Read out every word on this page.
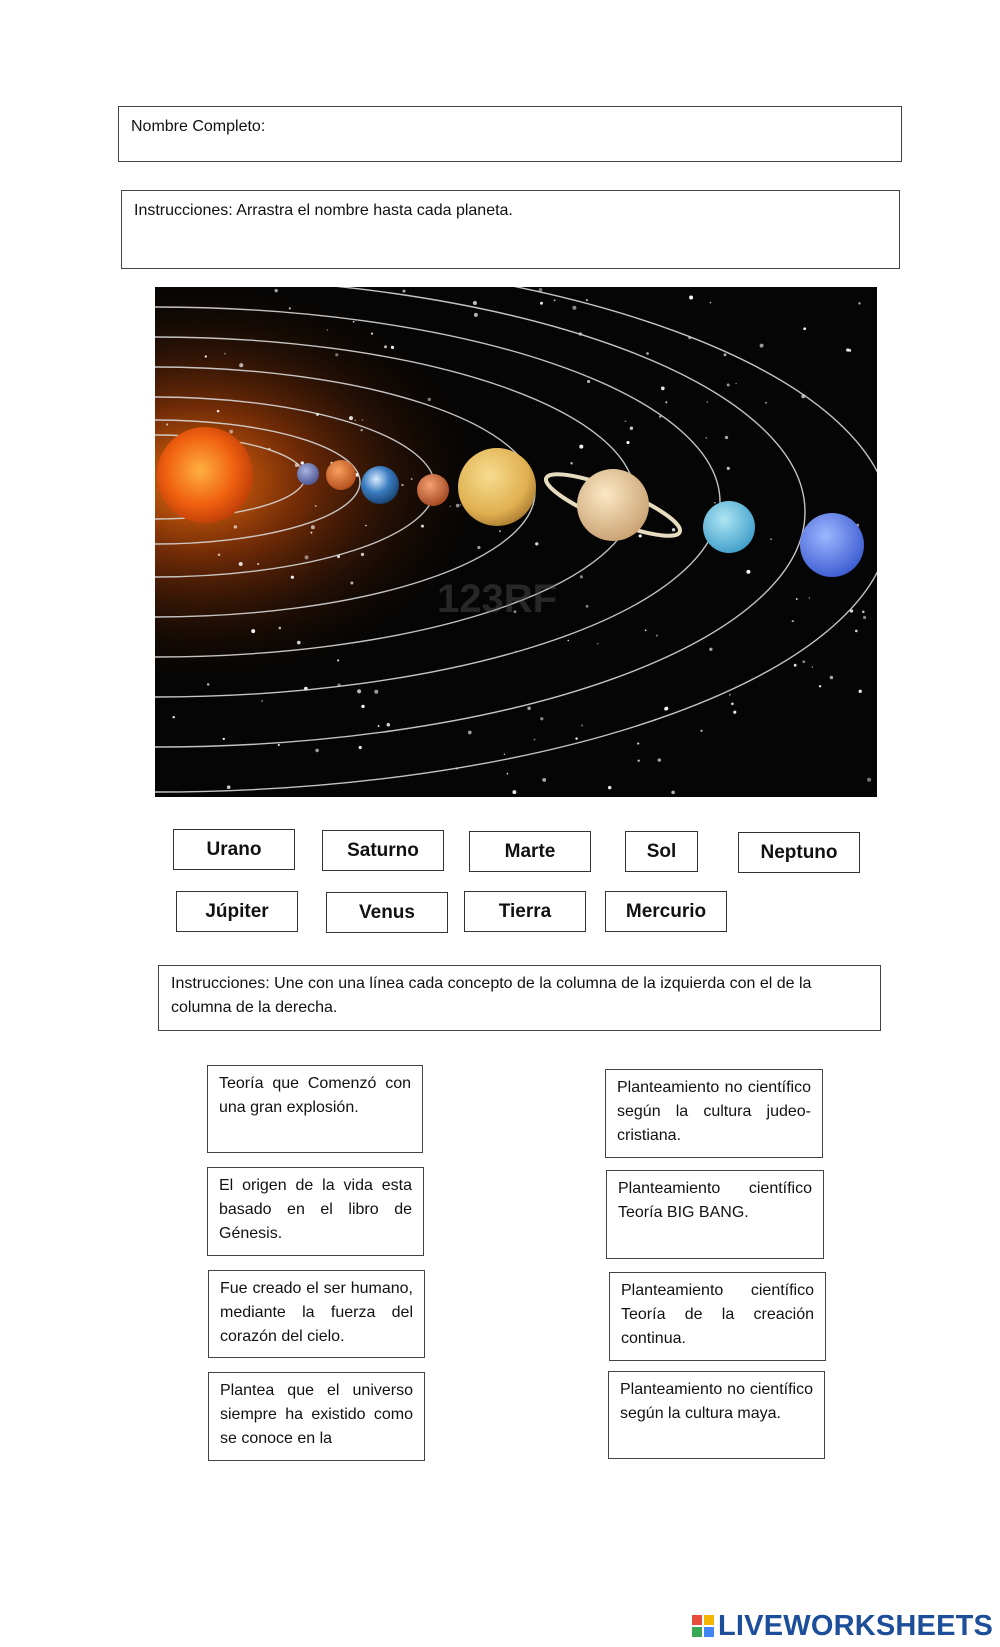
Nombre Completo:
Instrucciones: Arrastra el nombre hasta cada planeta.
123RF
Urano	Saturno	Marte	Sol	Neptuno
Júpiter	Venus	Tierra	Mercurio
Instrucciones: Une con una línea cada concepto de la columna de la izquierda con el de la columna de la derecha.
Teoría que Comenzó con una gran explosión.
El origen de la vida esta basado en el libro de Génesis.
Fue creado el ser humano, mediante la fuerza del corazón del cielo.
Plantea que el universo siempre ha existido como se conoce en la
Planteamiento no científico según la cultura judeo-cristiana.
Planteamiento científico Teoría BIG BANG.
Planteamiento científico Teoría de la creación continua.
Planteamiento no científico según la cultura maya.
LIVEWORKSHEETS
